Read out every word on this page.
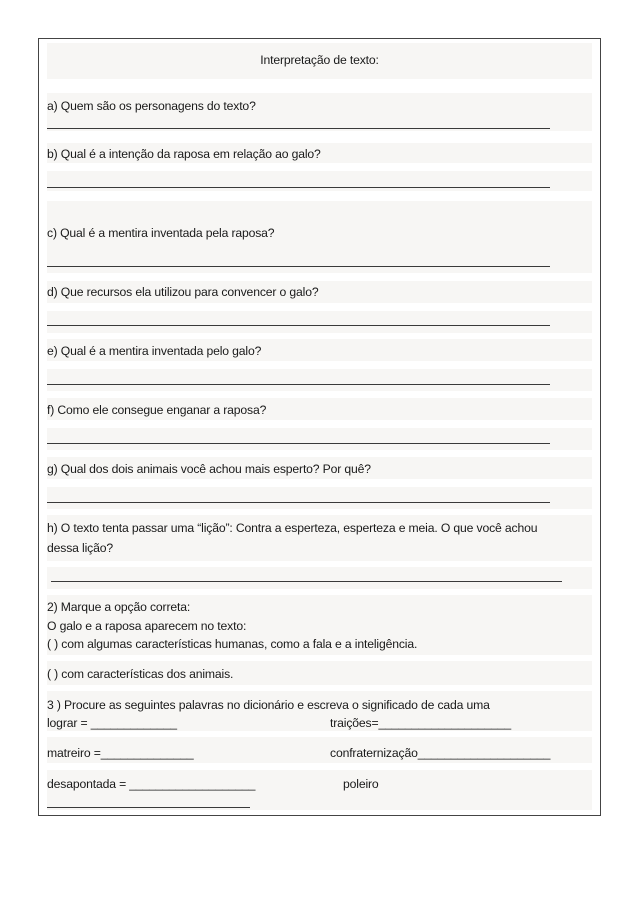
Interpretação de texto:
a) Quem são os personagens do texto?
b) Qual é a intenção da raposa em relação ao galo?
c) Qual é a mentira inventada pela raposa?
d) Que recursos ela utilizou para convencer o galo?
e) Qual é a mentira inventada pelo galo?
f) Como ele consegue enganar a raposa?
g) Qual dos dois animais você achou mais esperto? Por quê?
h) O texto tenta passar uma “lição”: Contra a esperteza, esperteza e meia. O que você achou
dessa lição?
2) Marque a opção correta:
O galo e a raposa aparecem no texto:
( ) com algumas características humanas, como a fala e a inteligência.
( ) com características dos animais.
3 ) Procure as seguintes palavras no dicionário e escreva o significado de cada uma
lograr = _____________	traições=____________________
matreiro =______________	confraternização____________________
desapontada = ___________________	poleiro
